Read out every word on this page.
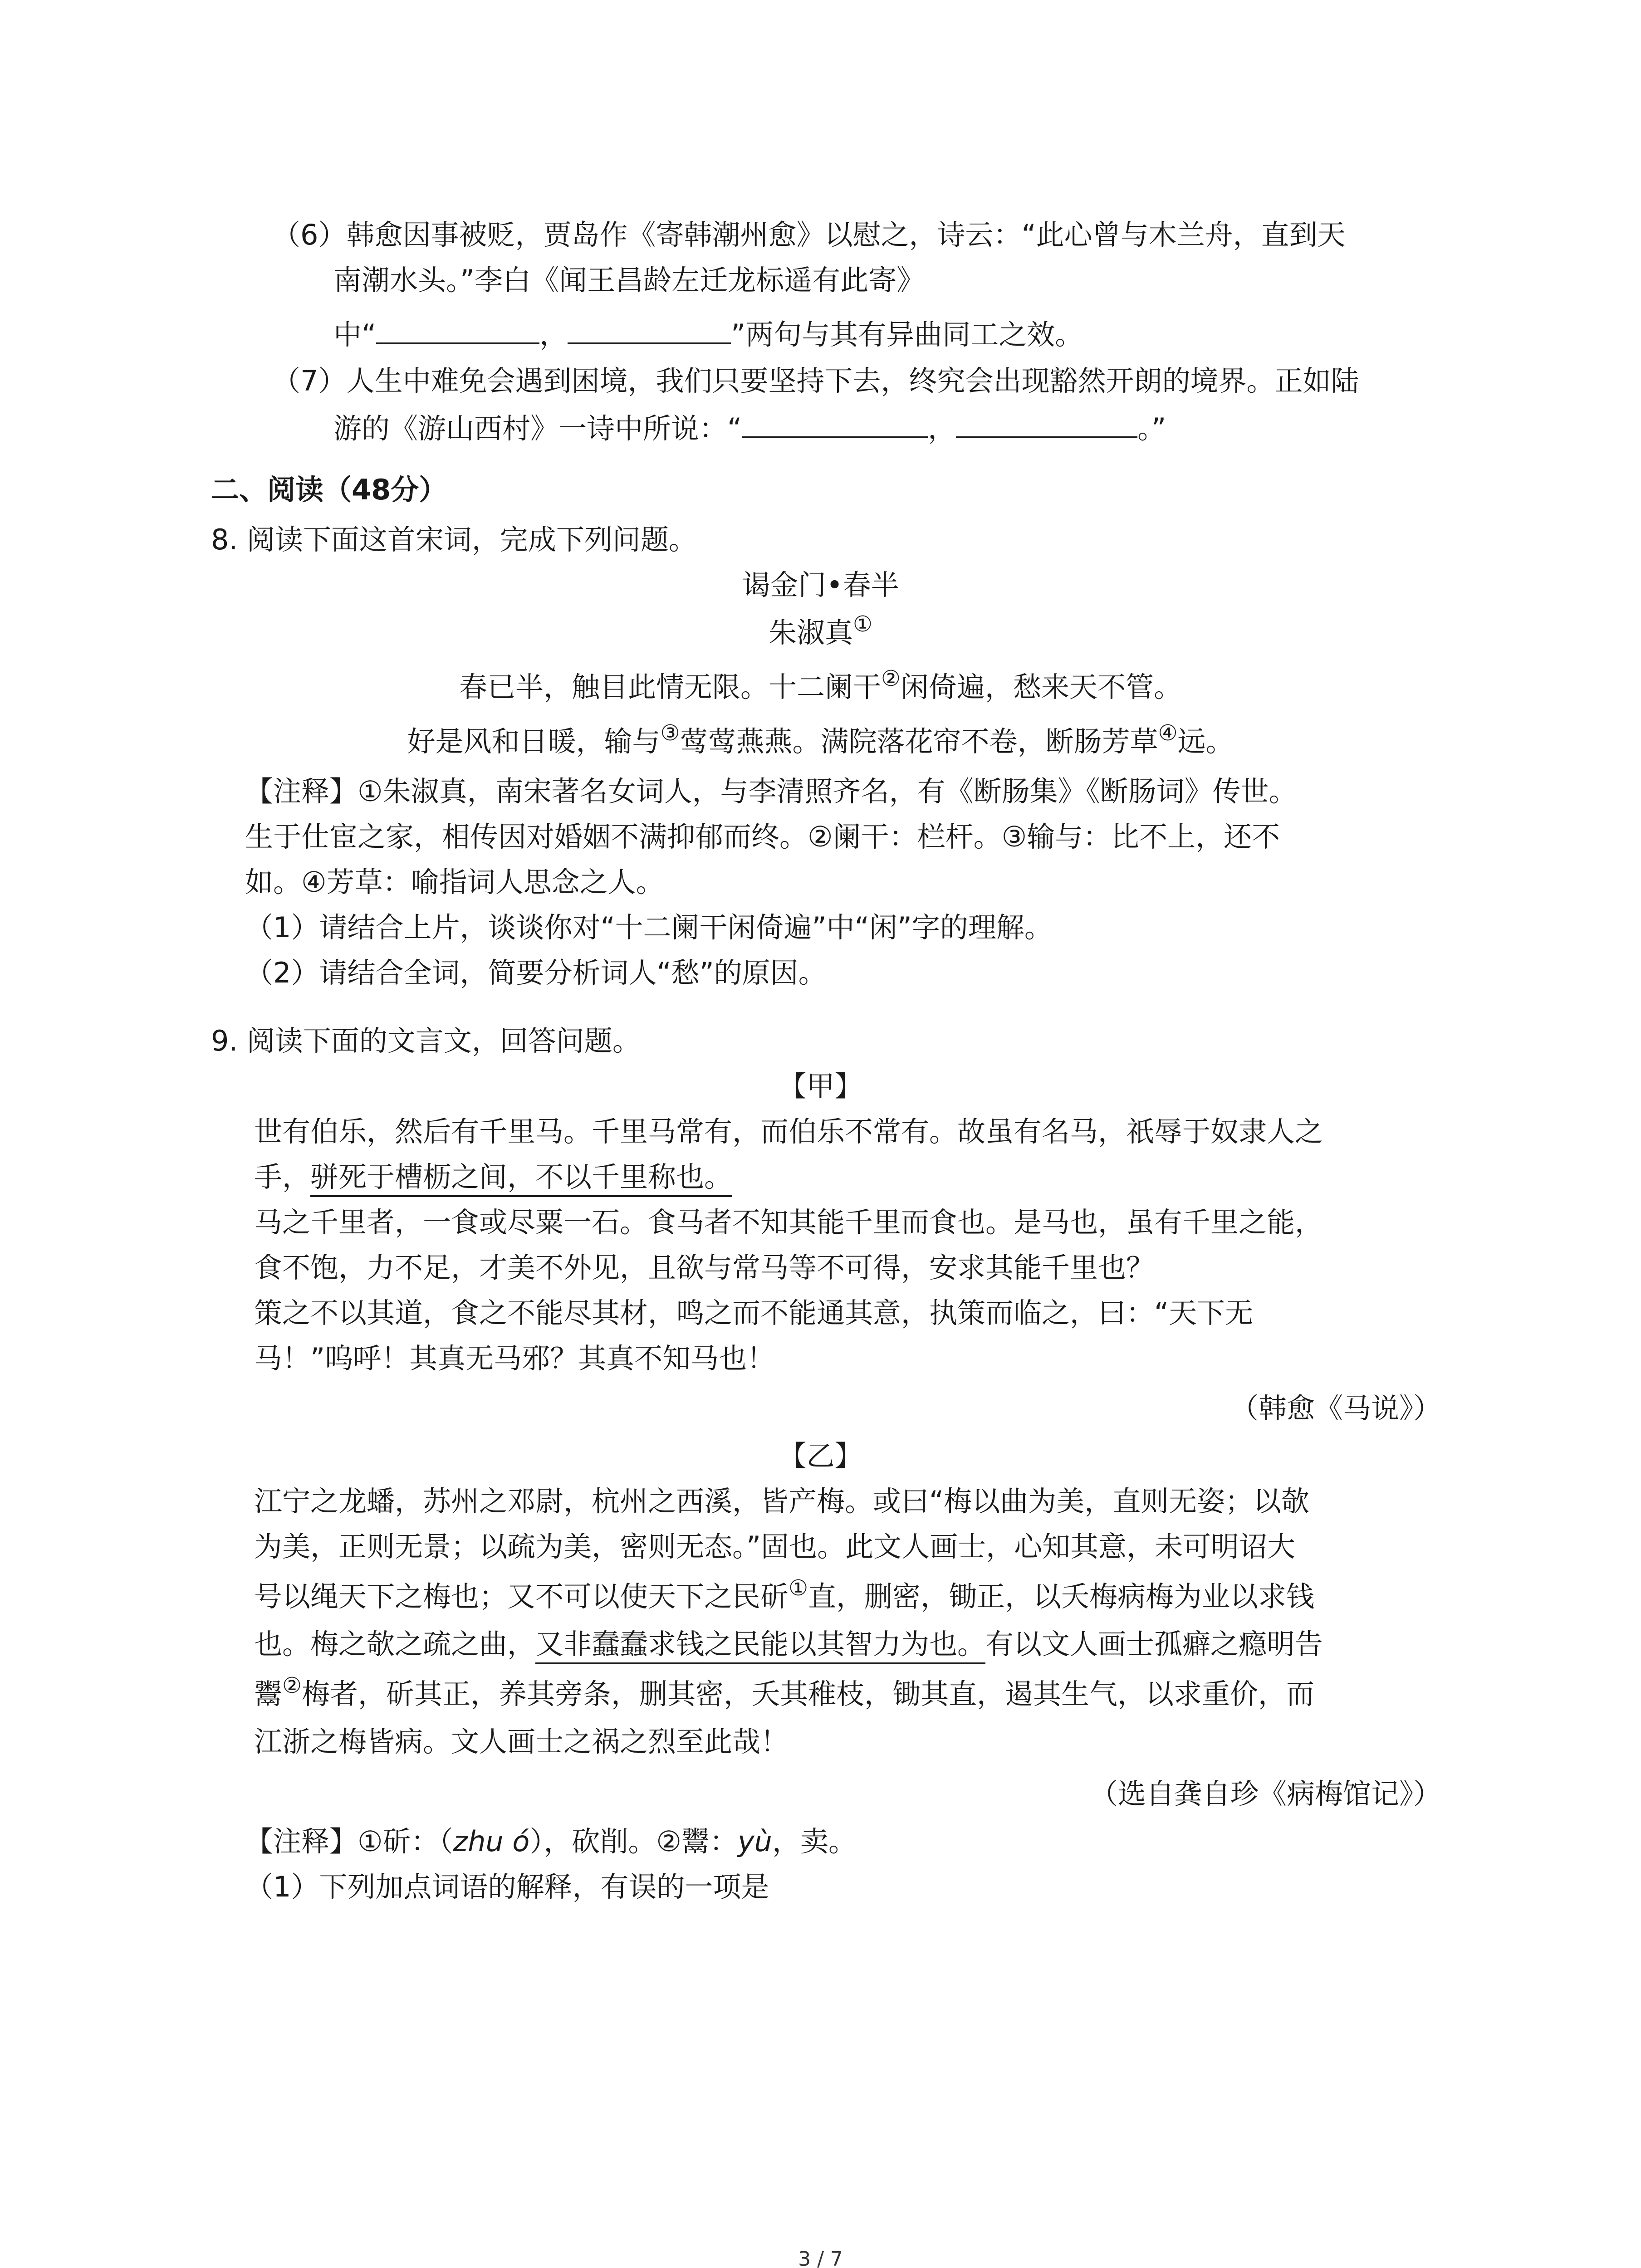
（6）韩愈因事被贬，贾岛作《寄韩潮州愈》以慰之，诗云：“此心曾与木兰舟，直到天
南潮水头。”李白《闻王昌龄左迁龙标遥有此寄》
中“	，	”两句与其有异曲同工之效。
（7）人生中难免会遇到困境，我们只要坚持下去，终究会出现豁然开朗的境界。正如陆
游的《游山西村》一诗中所说：“	，	。”
二、阅读（48分）
8. 阅读下面这首宋词，完成下列问题。
谒金门•春半
朱淑真①
春已半，触目此情无限。十二阑干②闲倚遍，愁来天不管。
好是风和日暖，输与③莺莺燕燕。满院落花帘不卷，断肠芳草④远。
【注释】①朱淑真，南宋著名女词人，与李清照齐名，有《断肠集》《断肠词》传世。
生于仕宦之家，相传因对婚姻不满抑郁而终。②阑干：栏杆。③输与：比不上，还不
如。④芳草：喻指词人思念之人。
（1）请结合上片，谈谈你对“十二阑干闲倚遍”中“闲”字的理解。
（2）请结合全词，简要分析词人“愁”的原因。
9. 阅读下面的文言文，回答问题。
【甲】
世有伯乐，然后有千里马。千里马常有，而伯乐不常有。故虽有名马，祇辱于奴隶人之
手，骈死于槽枥之间，不以千里称也。
马之千里者，一食或尽粟一石。食马者不知其能千里而食也。是马也，虽有千里之能，
食不饱，力不足，才美不外见，且欲与常马等不可得，安求其能千里也？
策之不以其道，食之不能尽其材，鸣之而不能通其意，执策而临之，曰：“天下无
马！”呜呼！其真无马邪？其真不知马也！
（韩愈《马说》）
【乙】
江宁之龙蟠，苏州之邓尉，杭州之西溪，皆产梅。或曰“梅以曲为美，直则无姿；以欹
为美，正则无景；以疏为美，密则无态。”固也。此文人画士，心知其意，未可明诏大
号以绳天下之梅也；又不可以使天下之民斫①直，删密，锄正，以夭梅病梅为业以求钱
也。梅之欹之疏之曲，又非蠢蠢求钱之民能以其智力为也。有以文人画士孤癖之瘾明告
鬻②梅者，斫其正，养其旁条，删其密，夭其稚枝，锄其直，遏其生气，以求重价，而
江浙之梅皆病。文人画士之祸之烈至此哉！
（选自龚自珍《病梅馆记》）
【注释】①斫：（zhu ó），砍削。②鬻：yù，卖。
（1）下列加点词语的解释，有误的一项是
3 / 7
